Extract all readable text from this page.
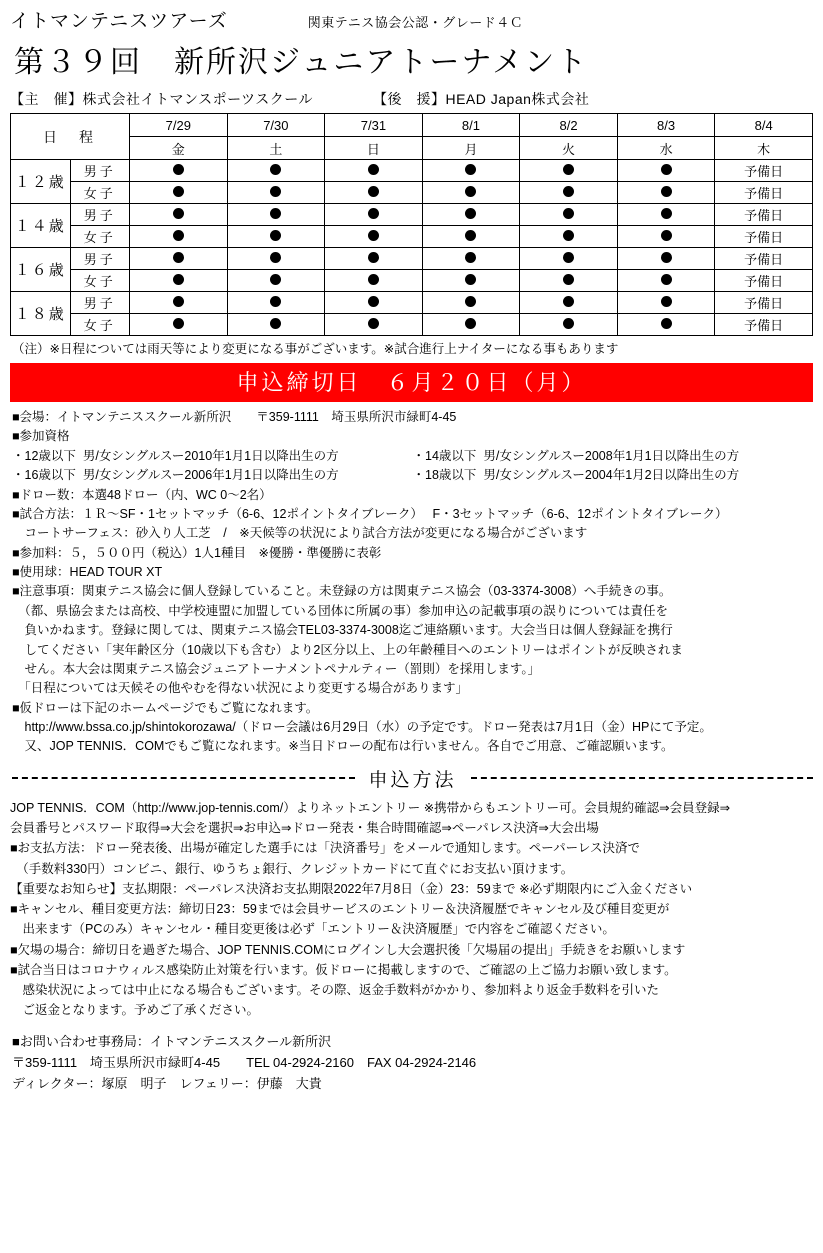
イトマンテニスツアーズ	関東テニス協会公認・グレード４Ｃ
第３９回　新所沢ジュニアトーナメント
【主　催】株式会社イトマンスポーツスクール	【後　援】HEAD Japan株式会社
日　程		7/29	7/30	7/31	8/1	8/2	8/3	8/4
		金	土	日	月	火	水	木
１２歳	男子							予備日
	女子							予備日
１４歳	男子							予備日
	女子							予備日
１６歳	男子							予備日
	女子							予備日
１８歳	男子							予備日
	女子							予備日
（注）※日程については雨天等により変更になる事がございます。※試合進行上ナイターになる事もあります
申込締切日　６月２０日（月）
■会場：イトマンテニススクール新所沢　　〒359-1111　埼玉県所沢市緑町4-45
■参加資格
・12歳以下  男/女シングルスー2010年1月1日以降出生の方	・14歳以下  男/女シングルスー2008年1月1日以降出生の方
・16歳以下  男/女シングルスー2006年1月1日以降出生の方	・18歳以下  男/女シングルスー2004年1月2日以降出生の方
■ドロー数：本選48ドロー（内、WC 0～2名）
■試合方法：１Ｒ～SF・1セットマッチ（6-6、12ポイントタイブレーク）　 F・3セットマッチ（6-6、12ポイントタイブレーク）
　コートサーフェス：砂入り人工芝　/　※天候等の状況により試合方法が変更になる場合がございます
■参加料：５，５００円（税込）1人1種目　※優勝・準優勝に表彰
■使用球：HEAD TOUR XT
■注意事項：関東テニス協会に個人登録していること。未登録の方は関東テニス協会（03-3374-3008）へ手続きの事。
　（都、県協会または高校、中学校連盟に加盟している団体に所属の事）参加申込の記載事項の誤りについては責任を
　負いかねます。登録に関しては、関東テニス協会TEL03-3374-3008迄ご連絡願います。大会当日は個人登録証を携行
　してください「実年齢区分（10歳以下も含む）より2区分以上、上の年齢種目へのエントリーはポイントが反映されま
　せん。本大会は関東テニス協会ジュニアトーナメントペナルティー（罰則）を採用します。」
　「日程については天候その他やむを得ない状況により変更する場合があります」
■仮ドローは下記のホームページでもご覧になれます。
　http://www.bssa.co.jp/shintokorozawa/（ドロー会議は6月29日（水）の予定です。ドロー発表は7月1日（金）HPにて予定。
　又、JOP TENNIS．COMでもご覧になれます。※当日ドローの配布は行いません。各自でご用意、ご確認願います。
申込方法
JOP TENNIS．COM（http://www.jop-tennis.com/）よりネットエントリー ※携帯からもエントリー可。会員規約確認⇒会員登録⇒
会員番号とパスワード取得⇒大会を選択⇒お申込⇒ドロー発表・集合時間確認⇒ペーパレス決済⇒大会出場
■お支払方法：ドロー発表後、出場が確定した選手には「決済番号」をメールで通知します。ペーパーレス決済で
　（手数料330円）コンビニ、銀行、ゆうちょ銀行、クレジットカードにて直ぐにお支払い頂けます。
【重要なお知らせ】支払期限：ペーパレス決済お支払期限2022年7月8日（金）23：59まで ※必ず期限内にご入金ください
■キャンセル、種目変更方法：締切日23：59までは会員サービスのエントリー＆決済履歴でキャンセル及び種目変更が
　出来ます（PCのみ）キャンセル・種目変更後は必ず「エントリー＆決済履歴」で内容をご確認ください。
■欠場の場合：締切日を過ぎた場合、JOP TENNIS.COMにログインし大会選択後「欠場届の提出」手続きをお願いします
■試合当日はコロナウィルス感染防止対策を行います。仮ドローに掲載しますので、ご確認の上ご協力お願い致します。
　感染状況によっては中止になる場合もございます。その際、返金手数料がかかり、参加料より返金手数料を引いた
　ご返金となります。予めご了承ください。
■お問い合わせ事務局：イトマンテニススクール新所沢
〒359-1111　埼玉県所沢市緑町4-45　　TEL 04-2924-2160　FAX 04-2924-2146
ディレクター：塚原　明子　レフェリー：伊藤　大貴
